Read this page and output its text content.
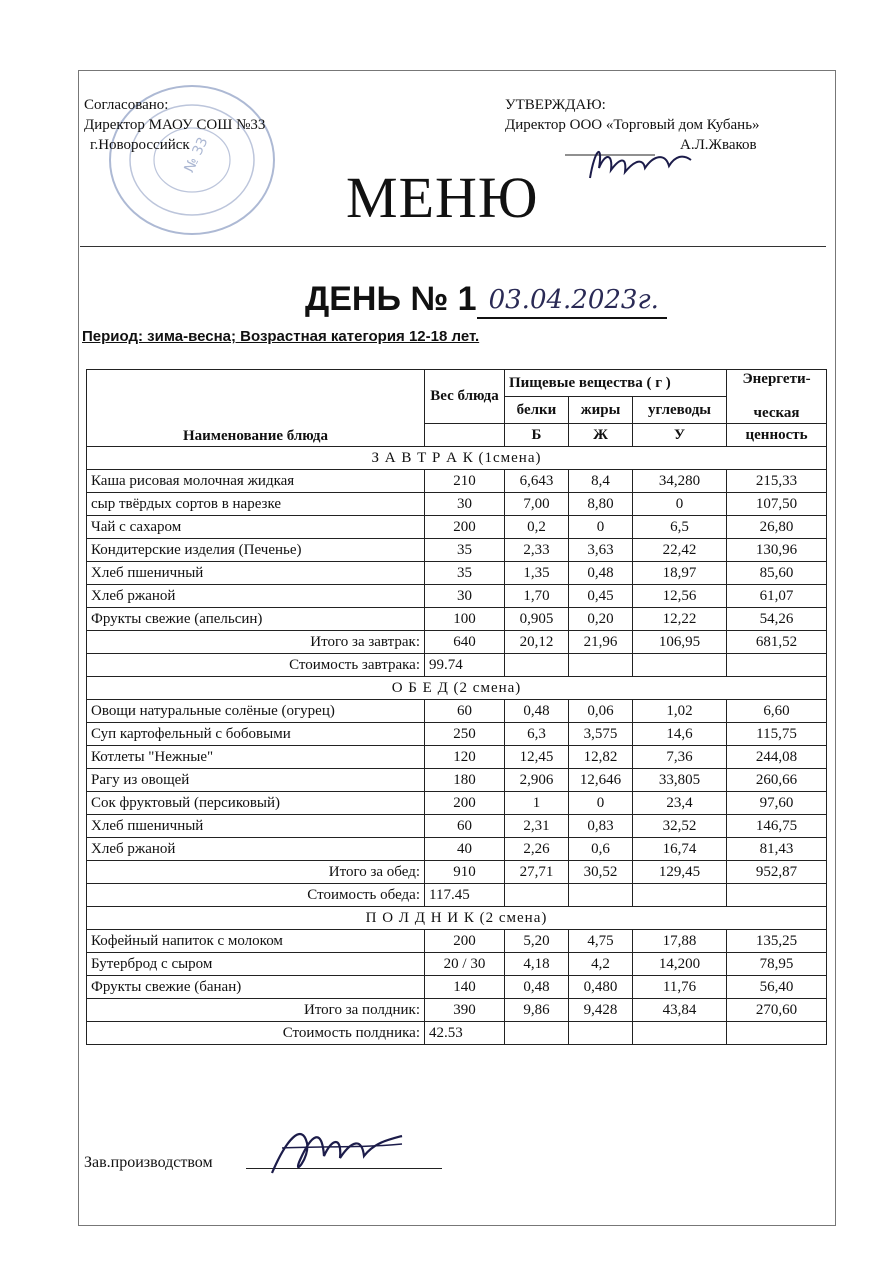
№ 33
Согласовано:
Директор МАОУ СОШ №33
г.Новороссийск
УТВЕРЖДАЮ:
Директор ООО «Торговый дом Кубань»
А.Л.Жваков
МЕНЮ
ДЕНЬ № 1 03.04.2023г.
Период: зима-весна; Возрастная категория 12-18 лет.
Наименование блюда	Вес блюда	Пищевые вещества ( г )			Энергети-

ческая
		белки	жиры	углеводы	
		Б	Ж	У	ценность
З А В Т Р А К (1смена)					
Каша рисовая молочная жидкая	210	6,643	8,4	34,280	215,33
сыр твёрдых сортов в нарезке	30	7,00	8,80	0	107,50
Чай с сахаром	200	0,2	0	6,5	26,80
Кондитерские изделия (Печенье)	35	2,33	3,63	22,42	130,96
Хлеб пшеничный	35	1,35	0,48	18,97	85,60
Хлеб ржаной	30	1,70	0,45	12,56	61,07
Фрукты свежие (апельсин)	100	0,905	0,20	12,22	54,26
Итого за завтрак:	640	20,12	21,96	106,95	681,52
Стоимость завтрака:	99.74				
О Б Е Д (2 смена)					
Овощи натуральные солёные (огурец)	60	0,48	0,06	1,02	6,60
Суп картофельный с бобовыми	250	6,3	3,575	14,6	115,75
Котлеты "Нежные"	120	12,45	12,82	7,36	244,08
Рагу из овощей	180	2,906	12,646	33,805	260,66
Сок фруктовый (персиковый)	200	1	0	23,4	97,60
Хлеб пшеничный	60	2,31	0,83	32,52	146,75
Хлеб ржаной	40	2,26	0,6	16,74	81,43
Итого за обед:	910	27,71	30,52	129,45	952,87
Стоимость обеда:	117.45				
П О Л Д Н И К (2 смена)					
Кофейный напиток с молоком	200	5,20	4,75	17,88	135,25
Бутерброд с сыром	20 / 30	4,18	4,2	14,200	78,95
Фрукты свежие (банан)	140	0,48	0,480	11,76	56,40
Итого за полдник:	390	9,86	9,428	43,84	270,60
Стоимость полдника:	42.53				
Зав.производством
